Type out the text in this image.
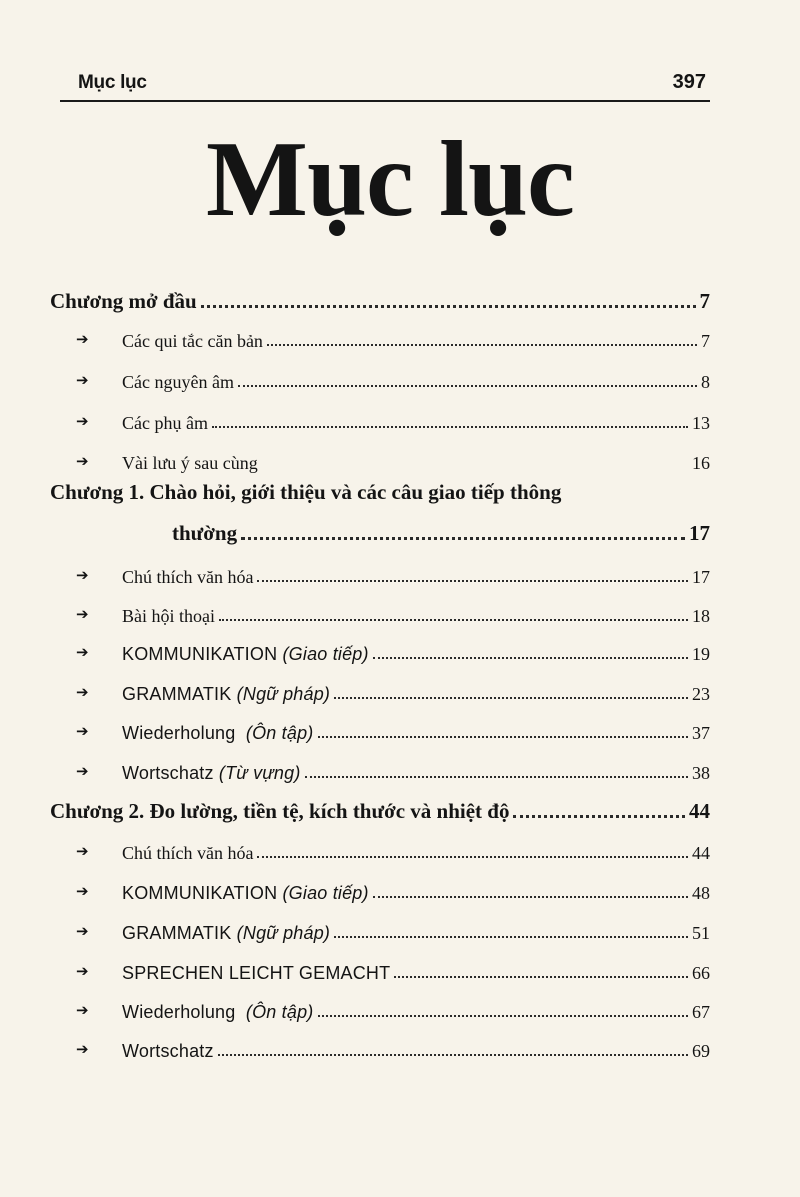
Mục lục	397
Mục lục
Chương mở đầu	7
➔	Các qui tắc căn bản	7
➔	Các nguyên âm	8
➔	Các phụ âm	13
➔	Vài lưu ý sau cùng	16
Chương 1. Chào hỏi, giới thiệu và các câu giao tiếp thông
thường	17
➔	Chú thích văn hóa	17
➔	Bài hội thoại	18
➔	KOMMUNIKATION (Giao tiếp)	19
➔	GRAMMATIK (Ngữ pháp)	23
➔	Wiederholung (Ôn tập)	37
➔	Wortschatz (Từ vựng)	38
Chương 2. Đo lường, tiền tệ, kích thước và nhiệt độ	44
➔	Chú thích văn hóa	44
➔	KOMMUNIKATION (Giao tiếp)	48
➔	GRAMMATIK (Ngữ pháp)	51
➔	SPRECHEN LEICHT GEMACHT	66
➔	Wiederholung (Ôn tập)	67
➔	Wortschatz	69
